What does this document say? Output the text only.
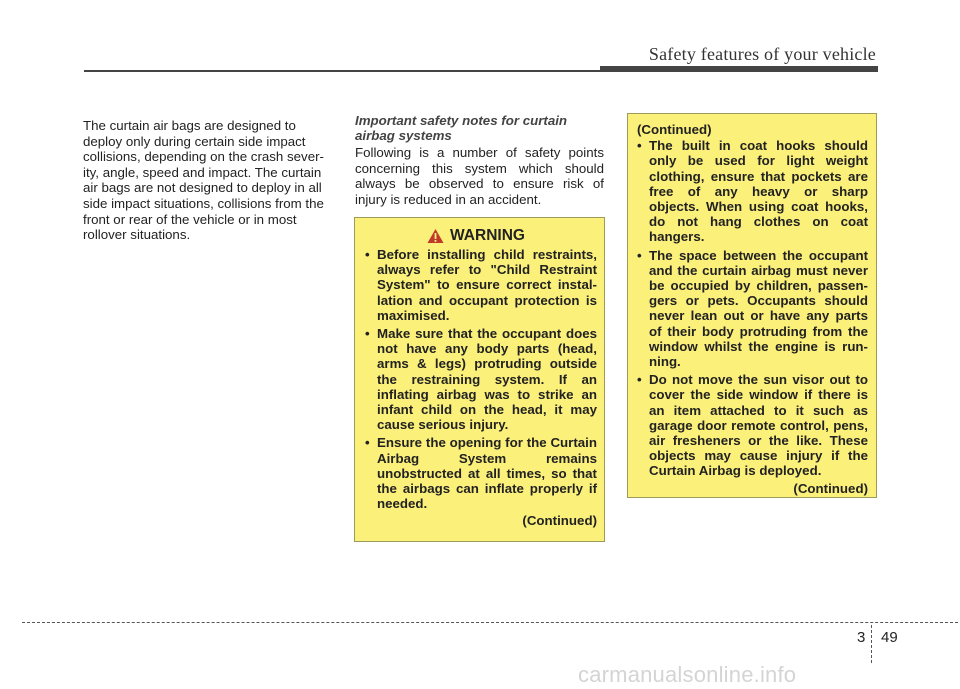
Safety features of your vehicle
The curtain air bags are designed to
deploy only during certain side impact
collisions, depending on the crash sever-
ity, angle, speed and impact. The curtain
air bags are not designed to deploy in all
side impact situations, collisions from the
front or rear of the vehicle or in most
rollover situations.
Important safety notes for curtain
airbag systems

Following is a number of safety points concerning this system which should always be observed to ensure risk of injury is reduced in an accident.

WARNING
• Before installing child restraints, always refer to "Child Restraint System" to ensure correct instal-lation and occupant protection is maximised.
• Make sure that the occupant does not have any body parts (head, arms & legs) protruding outside the restraining system. If an inflating airbag was to strike an infant child on the head, it may cause serious injury.
• Ensure the opening for the Curtain Airbag System remains unobstructed at all times, so that the airbags can inflate properly if needed.
(Continued)
(Continued)
• The built in coat hooks should only be used for light weight clothing, ensure that pockets are free of any heavy or sharp objects. When using coat hooks, do not hang clothes on coat hangers.
• The space between the occupant and the curtain airbag must never be occupied by children, passen-gers or pets. Occupants should never lean out or have any parts of their body protruding from the window whilst the engine is run-ning.
• Do not move the sun visor out to cover the side window if there is an item attached to it such as garage door remote control, pens, air fresheners or the like. These objects may cause injury if the Curtain Airbag is deployed.
(Continued)
3 49
carmanualsonline.info
